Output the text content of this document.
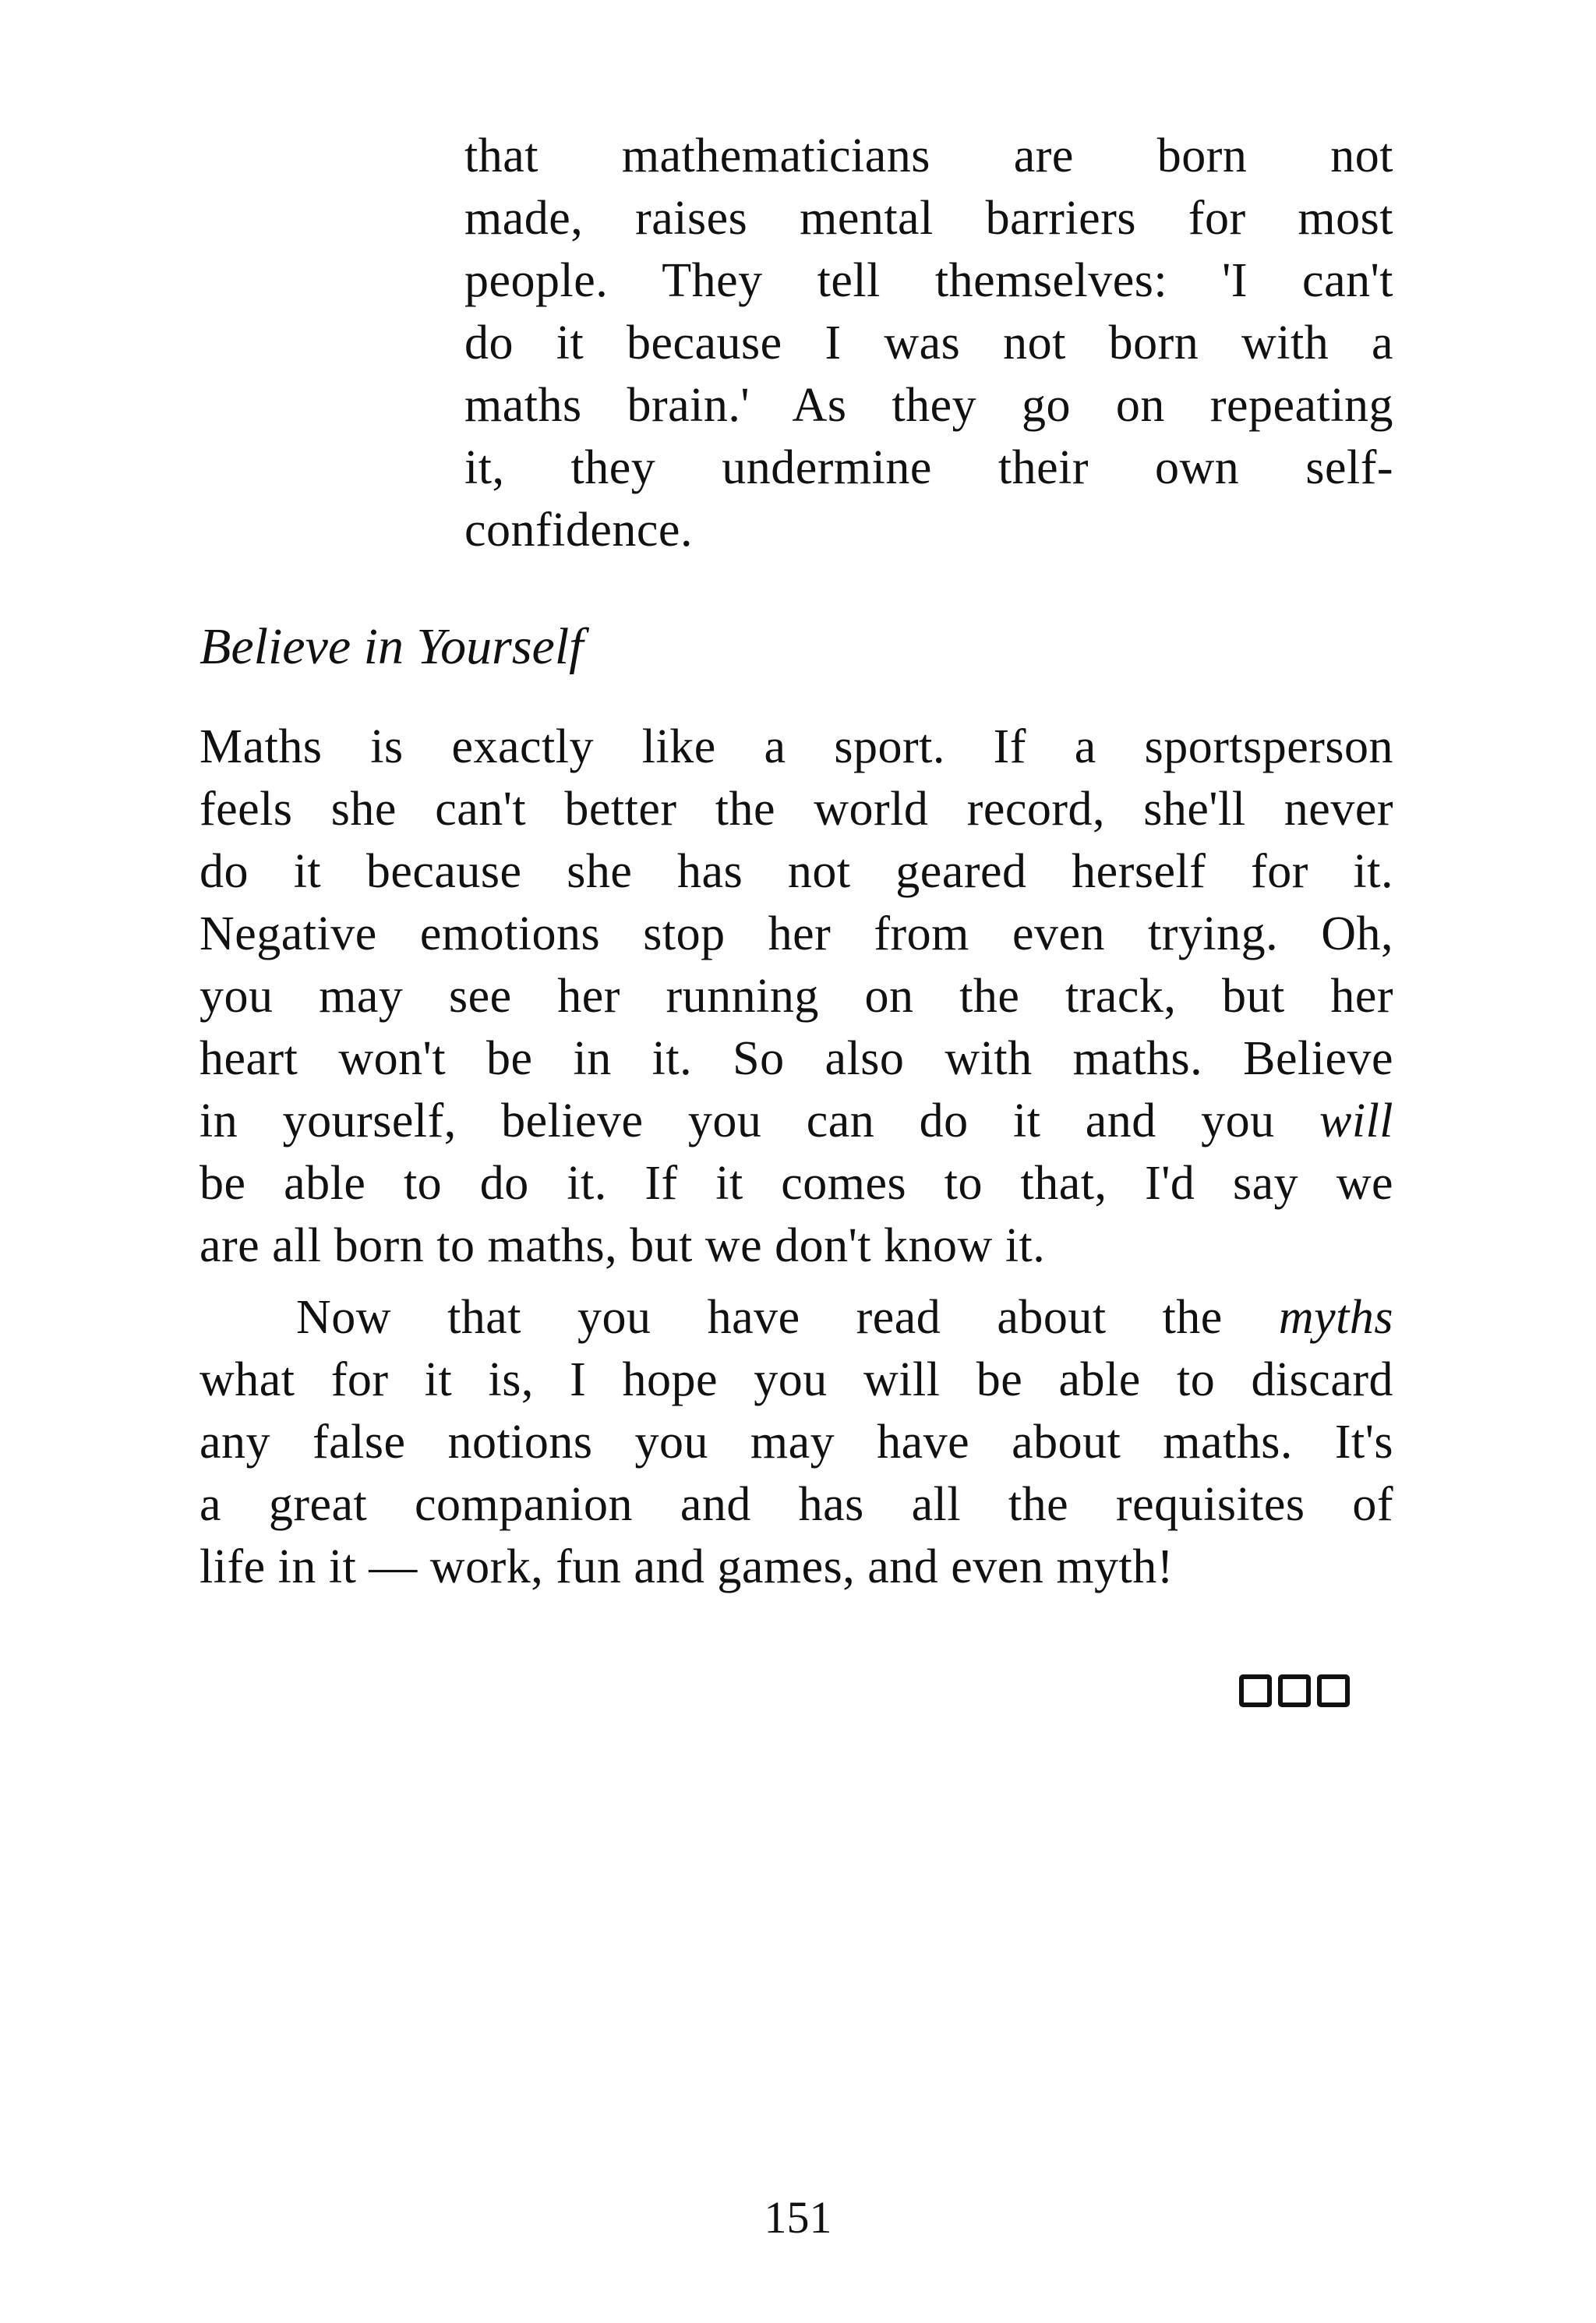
that mathematicians are born not
made, raises mental barriers for most
people. They tell themselves: 'I can't
do it because I was not born with a
maths brain.' As they go on repeating
it, they undermine their own self-
confidence.
Believe in Yourself
Maths is exactly like a sport. If a sportsperson
feels she can't better the world record, she'll never
do it because she has not geared herself for it.
Negative emotions stop her from even trying. Oh,
you may see her running on the track, but her
heart won't be in it. So also with maths. Believe
in yourself, believe you can do it and you will
be able to do it. If it comes to that, I'd say we
are all born to maths, but we don't know it.
Now that you have read about the myths
what for it is, I hope you will be able to discard
any false notions you may have about maths. It's
a great companion and has all the requisites of
life in it — work, fun and games, and even myth!
151
